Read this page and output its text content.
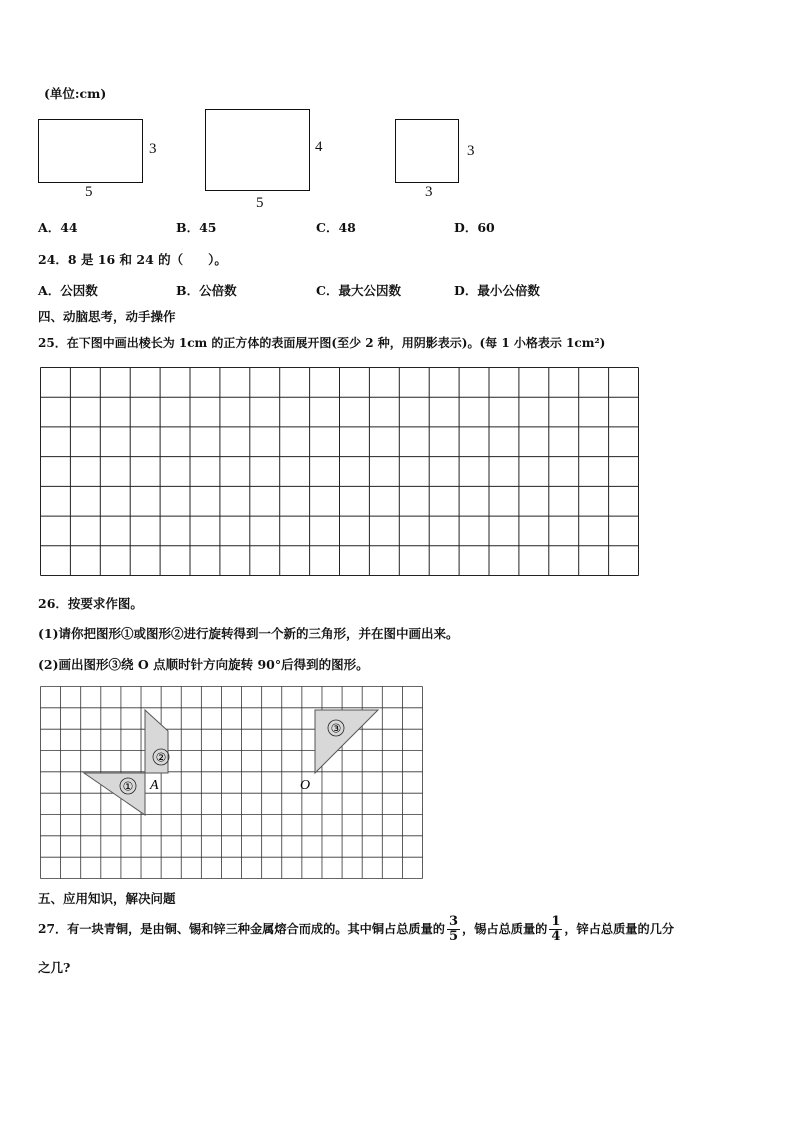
(单位:cm)
3
5
4
5
3
3
A．44	B．45	C．48	D．60
24．8 是 16 和 24 的（　　）。
A．公因数	B．公倍数	C．最大公因数	D．最小公倍数
四、动脑思考，动手操作
25．在下图中画出棱长为 1cm 的正方体的表面展开图(至少 2 种，用阴影表示)。(每 1 小格表示 1cm²)
26．按要求作图。
(1)请你把图形①或图形②进行旋转得到一个新的三角形，并在图中画出来。
(2)画出图形③绕 O 点顺时针方向旋转 90°后得到的图形。
①
②
③
A	O
五、应用知识，解决问题
27．有一块青铜，是由铜、锡和锌三种金属熔合而成的。其中铜占总质量的 $\frac{3}{5}$ ，锡占总质量的 $\frac{1}{4}$ ，锌占总质量的几分
之几?
